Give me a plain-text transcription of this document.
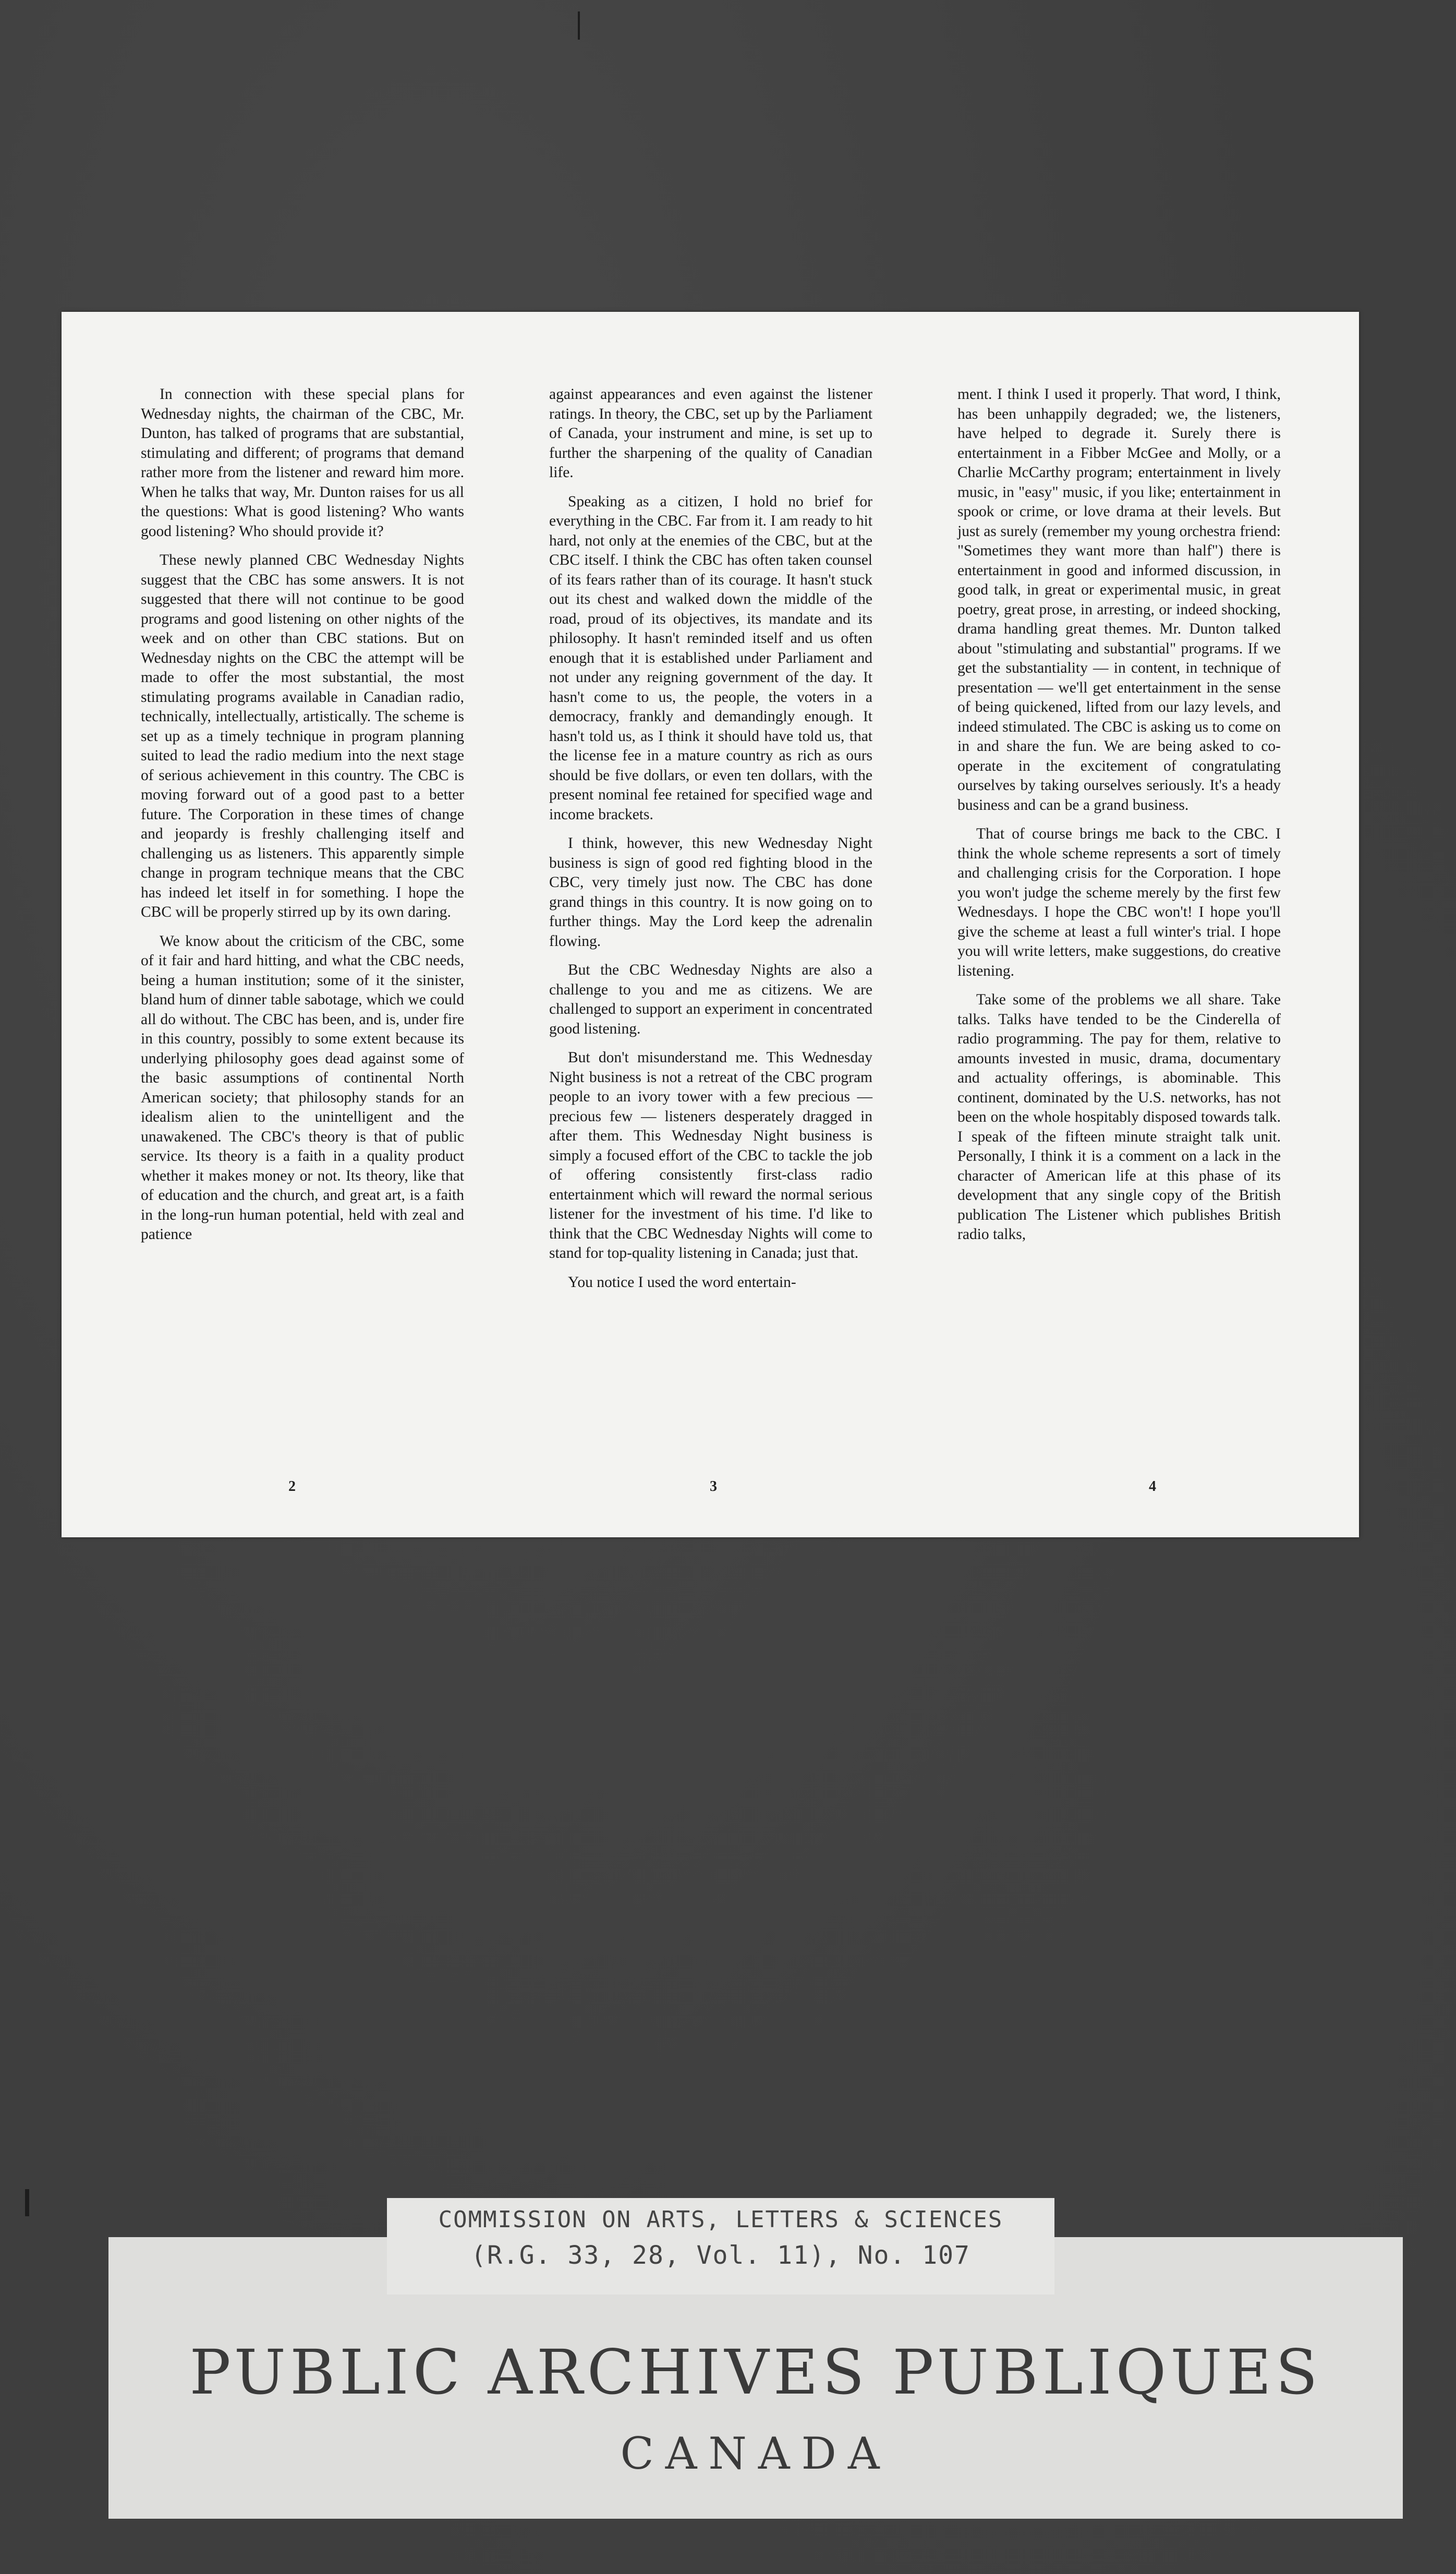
In connection with these special plans for Wednesday nights, the chairman of the CBC, Mr. Dunton, has talked of programs that are substantial, stimulating and different; of programs that demand rather more from the listener and reward him more. When he talks that way, Mr. Dunton raises for us all the questions: What is good listening? Who wants good listening? Who should provide it?

These newly planned CBC Wednesday Nights suggest that the CBC has some answers. It is not suggested that there will not continue to be good programs and good listening on other nights of the week and on other than CBC stations. But on Wednesday nights on the CBC the attempt will be made to offer the most substantial, the most stimulating programs available in Canadian radio, technically, intellectually, artistically. The scheme is set up as a timely technique in program planning suited to lead the radio medium into the next stage of serious achievement in this country. The CBC is moving forward out of a good past to a better future. The Corporation in these times of change and jeopardy is freshly challenging itself and challenging us as listeners. This apparently simple change in program technique means that the CBC has indeed let itself in for something. I hope the CBC will be properly stirred up by its own daring.

We know about the criticism of the CBC, some of it fair and hard hitting, and what the CBC needs, being a human institution; some of it the sinister, bland hum of dinner table sabotage, which we could all do without. The CBC has been, and is, under fire in this country, possibly to some extent because its underlying philosophy goes dead against some of the basic assumptions of continental North American society; that philosophy stands for an idealism alien to the unintelligent and the unawakened. The CBC's theory is that of public service. Its theory is a faith in a quality product whether it makes money or not. Its theory, like that of education and the church, and great art, is a faith in the long-run human potential, held with zeal and patience

against appearances and even against the listener ratings. In theory, the CBC, set up by the Parliament of Canada, your instrument and mine, is set up to further the sharpening of the quality of Canadian life.

Speaking as a citizen, I hold no brief for everything in the CBC. Far from it. I am ready to hit hard, not only at the enemies of the CBC, but at the CBC itself. I think the CBC has often taken counsel of its fears rather than of its courage. It hasn't stuck out its chest and walked down the middle of the road, proud of its objectives, its mandate and its philosophy. It hasn't reminded itself and us often enough that it is established under Parliament and not under any reigning government of the day. It hasn't come to us, the people, the voters in a democracy, frankly and demandingly enough. It hasn't told us, as I think it should have told us, that the license fee in a mature country as rich as ours should be five dollars, or even ten dollars, with the present nominal fee retained for specified wage and income brackets.

I think, however, this new Wednesday Night business is sign of good red fighting blood in the CBC, very timely just now. The CBC has done grand things in this country. It is now going on to further things. May the Lord keep the adrenalin flowing.

But the CBC Wednesday Nights are also a challenge to you and me as citizens. We are challenged to support an experiment in concentrated good listening.

But don't misunderstand me. This Wednesday Night business is not a retreat of the CBC program people to an ivory tower with a few precious — precious few — listeners desperately dragged in after them. This Wednesday Night business is simply a focused effort of the CBC to tackle the job of offering consistently first-class radio entertainment which will reward the normal serious listener for the investment of his time. I'd like to think that the CBC Wednesday Nights will come to stand for top-quality listening in Canada; just that.

You notice I used the word entertain-

ment. I think I used it properly. That word, I think, has been unhappily degraded; we, the listeners, have helped to degrade it. Surely there is entertainment in a Fibber McGee and Molly, or a Charlie McCarthy program; entertainment in lively music, in "easy" music, if you like; entertainment in spook or crime, or love drama at their levels. But just as surely (remember my young orchestra friend: "Sometimes they want more than half") there is entertainment in good and informed discussion, in good talk, in great or experimental music, in great poetry, great prose, in arresting, or indeed shocking, drama handling great themes. Mr. Dunton talked about "stimulating and substantial" programs. If we get the substantiality — in content, in technique of presentation — we'll get entertainment in the sense of being quickened, lifted from our lazy levels, and indeed stimulated. The CBC is asking us to come on in and share the fun. We are being asked to co-operate in the excitement of congratulating ourselves by taking ourselves seriously. It's a heady business and can be a grand business.

That of course brings me back to the CBC. I think the whole scheme represents a sort of timely and challenging crisis for the Corporation. I hope you won't judge the scheme merely by the first few Wednesdays. I hope the CBC won't! I hope you'll give the scheme at least a full winter's trial. I hope you will write letters, make suggestions, do creative listening.

Take some of the problems we all share. Take talks. Talks have tended to be the Cinderella of radio programming. The pay for them, relative to amounts invested in music, drama, documentary and actuality offerings, is abominable. This continent, dominated by the U.S. networks, has not been on the whole hospitably disposed towards talk. I speak of the fifteen minute straight talk unit. Personally, I think it is a comment on a lack in the character of American life at this phase of its development that any single copy of the British publication The Listener which publishes British radio talks,

2	3	4
PUBLIC ARCHIVES PUBLIQUES
CANADA
COMMISSION ON ARTS, LETTERS & SCIENCES
(R.G. 33, 28, Vol. 11), No. 107
